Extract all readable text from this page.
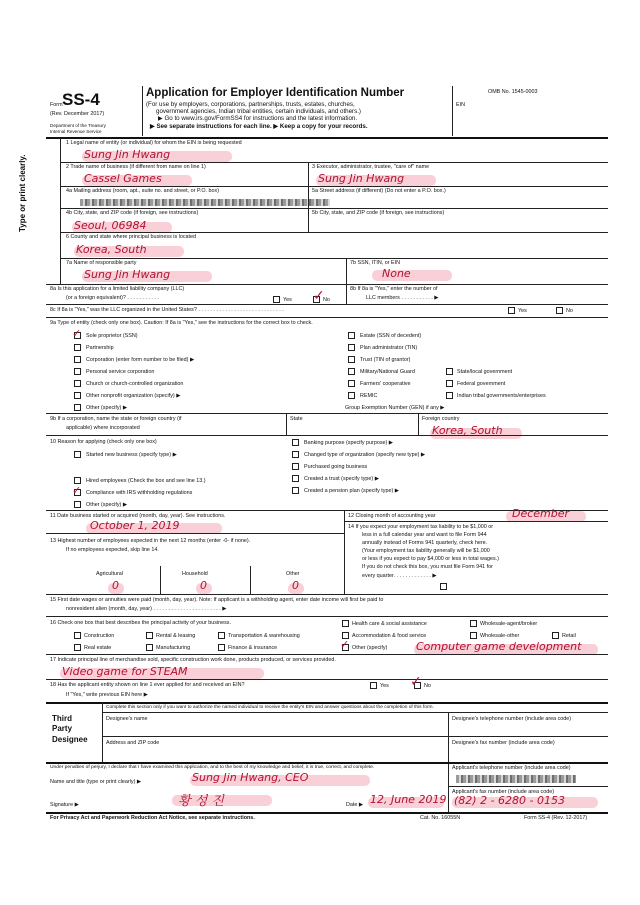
Form SS-4
(Rev. December 2017)
Department of the Treasury
Internal Revenue Service
Application for Employer Identification Number
(For use by employers, corporations, partnerships, trusts, estates, churches,
government agencies, Indian tribal entities, certain individuals, and others.)
▶ Go to www.irs.gov/FormSS4 for instructions and the latest information.
▶ See separate instructions for each line. ▶ Keep a copy for your records.
OMB No. 1545-0003
EIN
Type or print clearly.
1 Legal name of entity (or individual) for whom the EIN is being requested
Sung Jin Hwang
2 Trade name of business (if different from name on line 1)
Cassel Games
3 Executor, administrator, trustee, "care of" name
Sung Jin Hwang
4a Mailing address (room, apt., suite no. and street, or P.O. box)	5a Street address (if different) (Do not enter a P.O. box.)
4b City, state, and ZIP code (if foreign, see instructions)
Seoul, 06984
5b City, state, and ZIP code (if foreign, see instructions)
6 County and state where principal business is located
Korea, South
7a Name of responsible party
Sung Jin Hwang
7b SSN, ITIN, or EIN
None
8a Is this application for a limited liability company (LLC)
(or a foreign equivalent)? . . . . . . . . . . .	Yes ✓
No
8b If 8a is "Yes," enter the number of
LLC members . . . . . . . . . . . ▶
8c If 8a is "Yes," was the LLC organized in the United States? . . . . . . . . . . . . . . . . . . . . . . . . . . . . .	Yes	No
9a Type of entity (check only one box). Caution: If 8a is "Yes," see the instructions for the correct box to check.
✓ Sole proprietor (SSN)
Partnership
Corporation (enter form number to be filed) ▶
Personal service corporation
Church or church-controlled organization
Other nonprofit organization (specify) ▶
Other (specify) ▶
Estate (SSN of decedent)
Plan administrator (TIN)
Trust (TIN of grantor)
Military/National Guard
Farmers' cooperative
REMIC
Group Exemption Number (GEN) if any ▶
State/local government
Federal government
Indian tribal governments/enterprises
9b If a corporation, name the state or foreign country (if
applicable) where incorporated
State	Foreign country
Korea, South
10 Reason for applying (check only one box)
Started new business (specify type) ▶
Hired employees (Check the box and see line 13.)
✓ Compliance with IRS withholding regulations
Other (specify) ▶
Banking purpose (specify purpose) ▶
Changed type of organization (specify new type) ▶
Purchased going business
Created a trust (specify type) ▶
Created a pension plan (specify type) ▶
11 Date business started or acquired (month, day, year). See instructions.
October 1, 2019
12 Closing month of accounting year	December
13 Highest number of employees expected in the next 12 months (enter -0- if none).
If no employees expected, skip line 14.
Agricultural	Household	Other
0	0	0
14 If you expect your employment tax liability to be $1,000 or
less in a full calendar year and want to file Form 944
annually instead of Forms 941 quarterly, check here.
(Your employment tax liability generally will be $1,000
or less if you expect to pay $4,000 or less in total wages.)
If you do not check this box, you must file Form 941 for
every quarter. . . . . . . . . . . . . ▶
15 First date wages or annuities were paid (month, day, year). Note: If applicant is a withholding agent, enter date income will first be paid to
nonresident alien (month, day, year) . . . . . . . . . . . . . . . . . . . . . . . ▶
16 Check one box that best describes the principal activity of your business.	Health care & social assistance	Wholesale-agent/broker
Construction	Rental & leasing	Transportation & warehousing	Accommodation & food service	Wholesale-other	Retail
Real estate	Manufacturing	Finance & insurance	✓ Other (specify)	Computer game development
17 Indicate principal line of merchandise sold, specific construction work done, products produced, or services provided.
Video game for STEAM
18 Has the applicant entity shown on line 1 ever applied for and received an EIN?
If "Yes," write previous EIN here ▶
Yes ✓ No
Third
Party
Designee
Complete this section only if you want to authorize the named individual to receive the entity's EIN and answer questions about the completion of this form.
Designee's name	Designee's telephone number (include area code)
Address and ZIP code	Designee's fax number (include area code)
Under penalties of perjury, I declare that I have examined this application, and to the best of my knowledge and belief, it is true, correct, and complete.
Name and title (type or print clearly) ▶	Sung Jin Hwang, CEO
Applicant's telephone number (include area code)
Applicant's fax number (include area code)
(82) 2 - 6280 - 0153
Signature ▶	황 성 진	Date ▶ 12, June 2019
For Privacy Act and Paperwork Reduction Act Notice, see separate instructions.	Cat. No. 16055N	Form SS-4 (Rev. 12-2017)
